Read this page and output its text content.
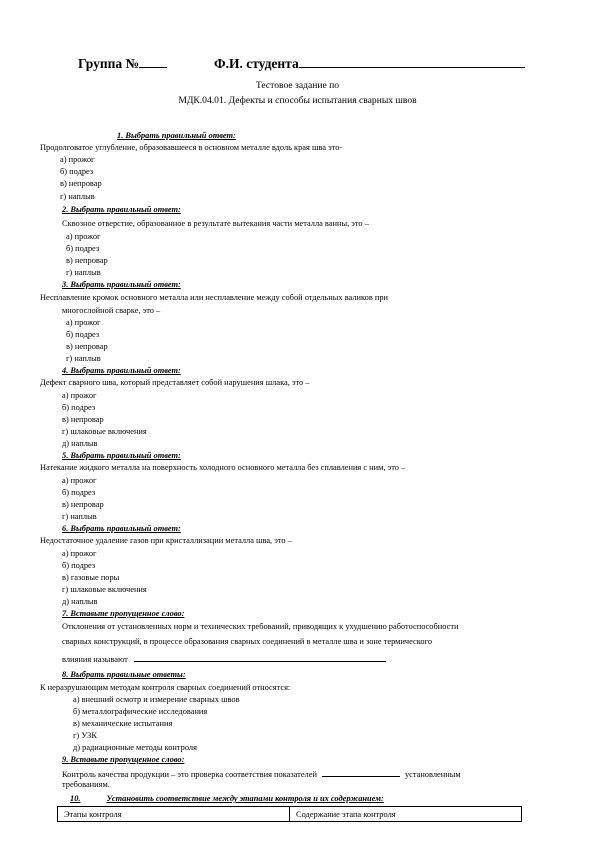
Группа №	Ф.И. студента
Тестовое задание по
МДК.04.01. Дефекты и способы испытания сварных швов
1. Выбрать правильный ответ:
Продолговатое углубление, образовавшееся в основном металле вдоль края шва это-
а) прожог
б) подрез
в) непровар
г) наплыв
2. Выбрать правильный ответ:
Сквозное отверстие, образованное в результате вытекания части металла ванны, это –
а) прожог
б) подрез
в) непровар
г) наплыв
3. Выбрать правильный ответ:
Несплавление кромок основного металла или несплавление между собой отдельных валиков при
многослойной сварке, это –
а) прожог
б) подрез
в) непровар
г) наплыв
4. Выбрать правильный ответ:
Дефект сварного шва, который представляет собой нарушения шлака, это –
а) прожог
б) подрез
в) непровар
г) шлаковые включения
д) наплыв
5. Выбрать правильный ответ:
Натекание жидкого металла на поверхность холодного основного металла без сплавления с ним, это –
а) прожог
б) подрез
в) непровар
г) наплыв
6. Выбрать правильный ответ:
Недостаточное удаление газов при кристаллизации металла шва, это –
а) прожог
б) подрез
в) газовые поры
г) шлаковые включения
д) наплыв
7. Вставьте пропущенное слово:
Отклонения от установленных норм и технических требований, приводящих к ухудшению работоспособности
сварных конструкций, в процессе образования сварных соединений в металле шва и зоне термического
влияния называют
8. Выбрать правильные ответы:
К неразрушающим методам контроля сварных соединений относятся:
а) внешний осмотр и измерение сварных швов
б) металлографические исследования
в) механические испытания
г) УЗК
д) радиационные методы контроля
9. Вставьте пропущенное слово:
Контроль качества продукции – это проверка соответствия показателей	установленным
требованиям.
10.	Установить соответствие между этапами контроля и их содержанием:
Этапы контроля	Содержание этапа контроля
